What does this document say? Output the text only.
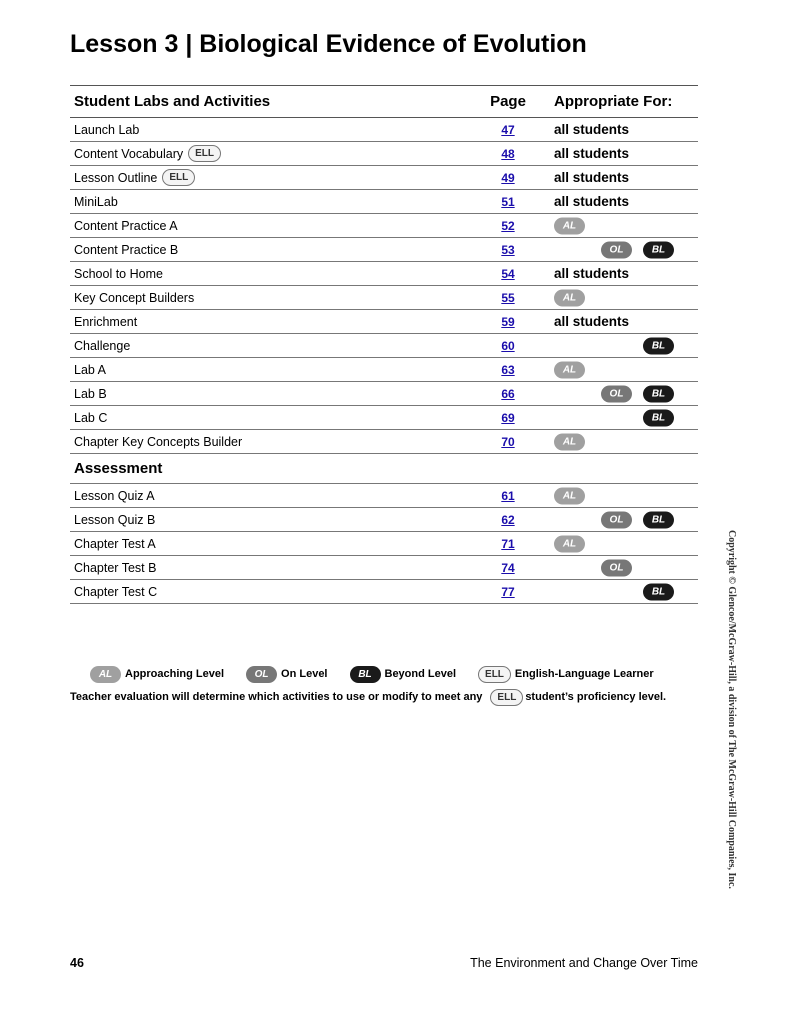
Lesson 3 | Biological Evidence of Evolution
Student Labs and Activities	Page	Appropriate For:
Launch Lab	47	all students
Content Vocabulary	ELL	48	all students
Lesson Outline	ELL	49	all students
MiniLab	51	all students
Content Practice A	52	AL
Content Practice B	53	OL	BL
School to Home	54	all students
Key Concept Builders	55	AL
Enrichment	59	all students
Challenge	60	BL
Lab A	63	AL
Lab B	66	OL	BL
Lab C	69	BL
Chapter Key Concepts Builder	70	AL
Assessment
Lesson Quiz A	61	AL
Lesson Quiz B	62	OL	BL
Chapter Test A	71	AL
Chapter Test B	74	OL
Chapter Test C	77	BL
AL	Approaching Level	OL	On Level	BL	Beyond Level	ELL	English-Language Learner
Teacher evaluation will determine which activities to use or modify to meet any	ELL student’s proficiency level.	Copyright © Glencoe/McGraw-Hill, a division of The McGraw-Hill Companies, Inc.
46	The Environment and Change Over Time
